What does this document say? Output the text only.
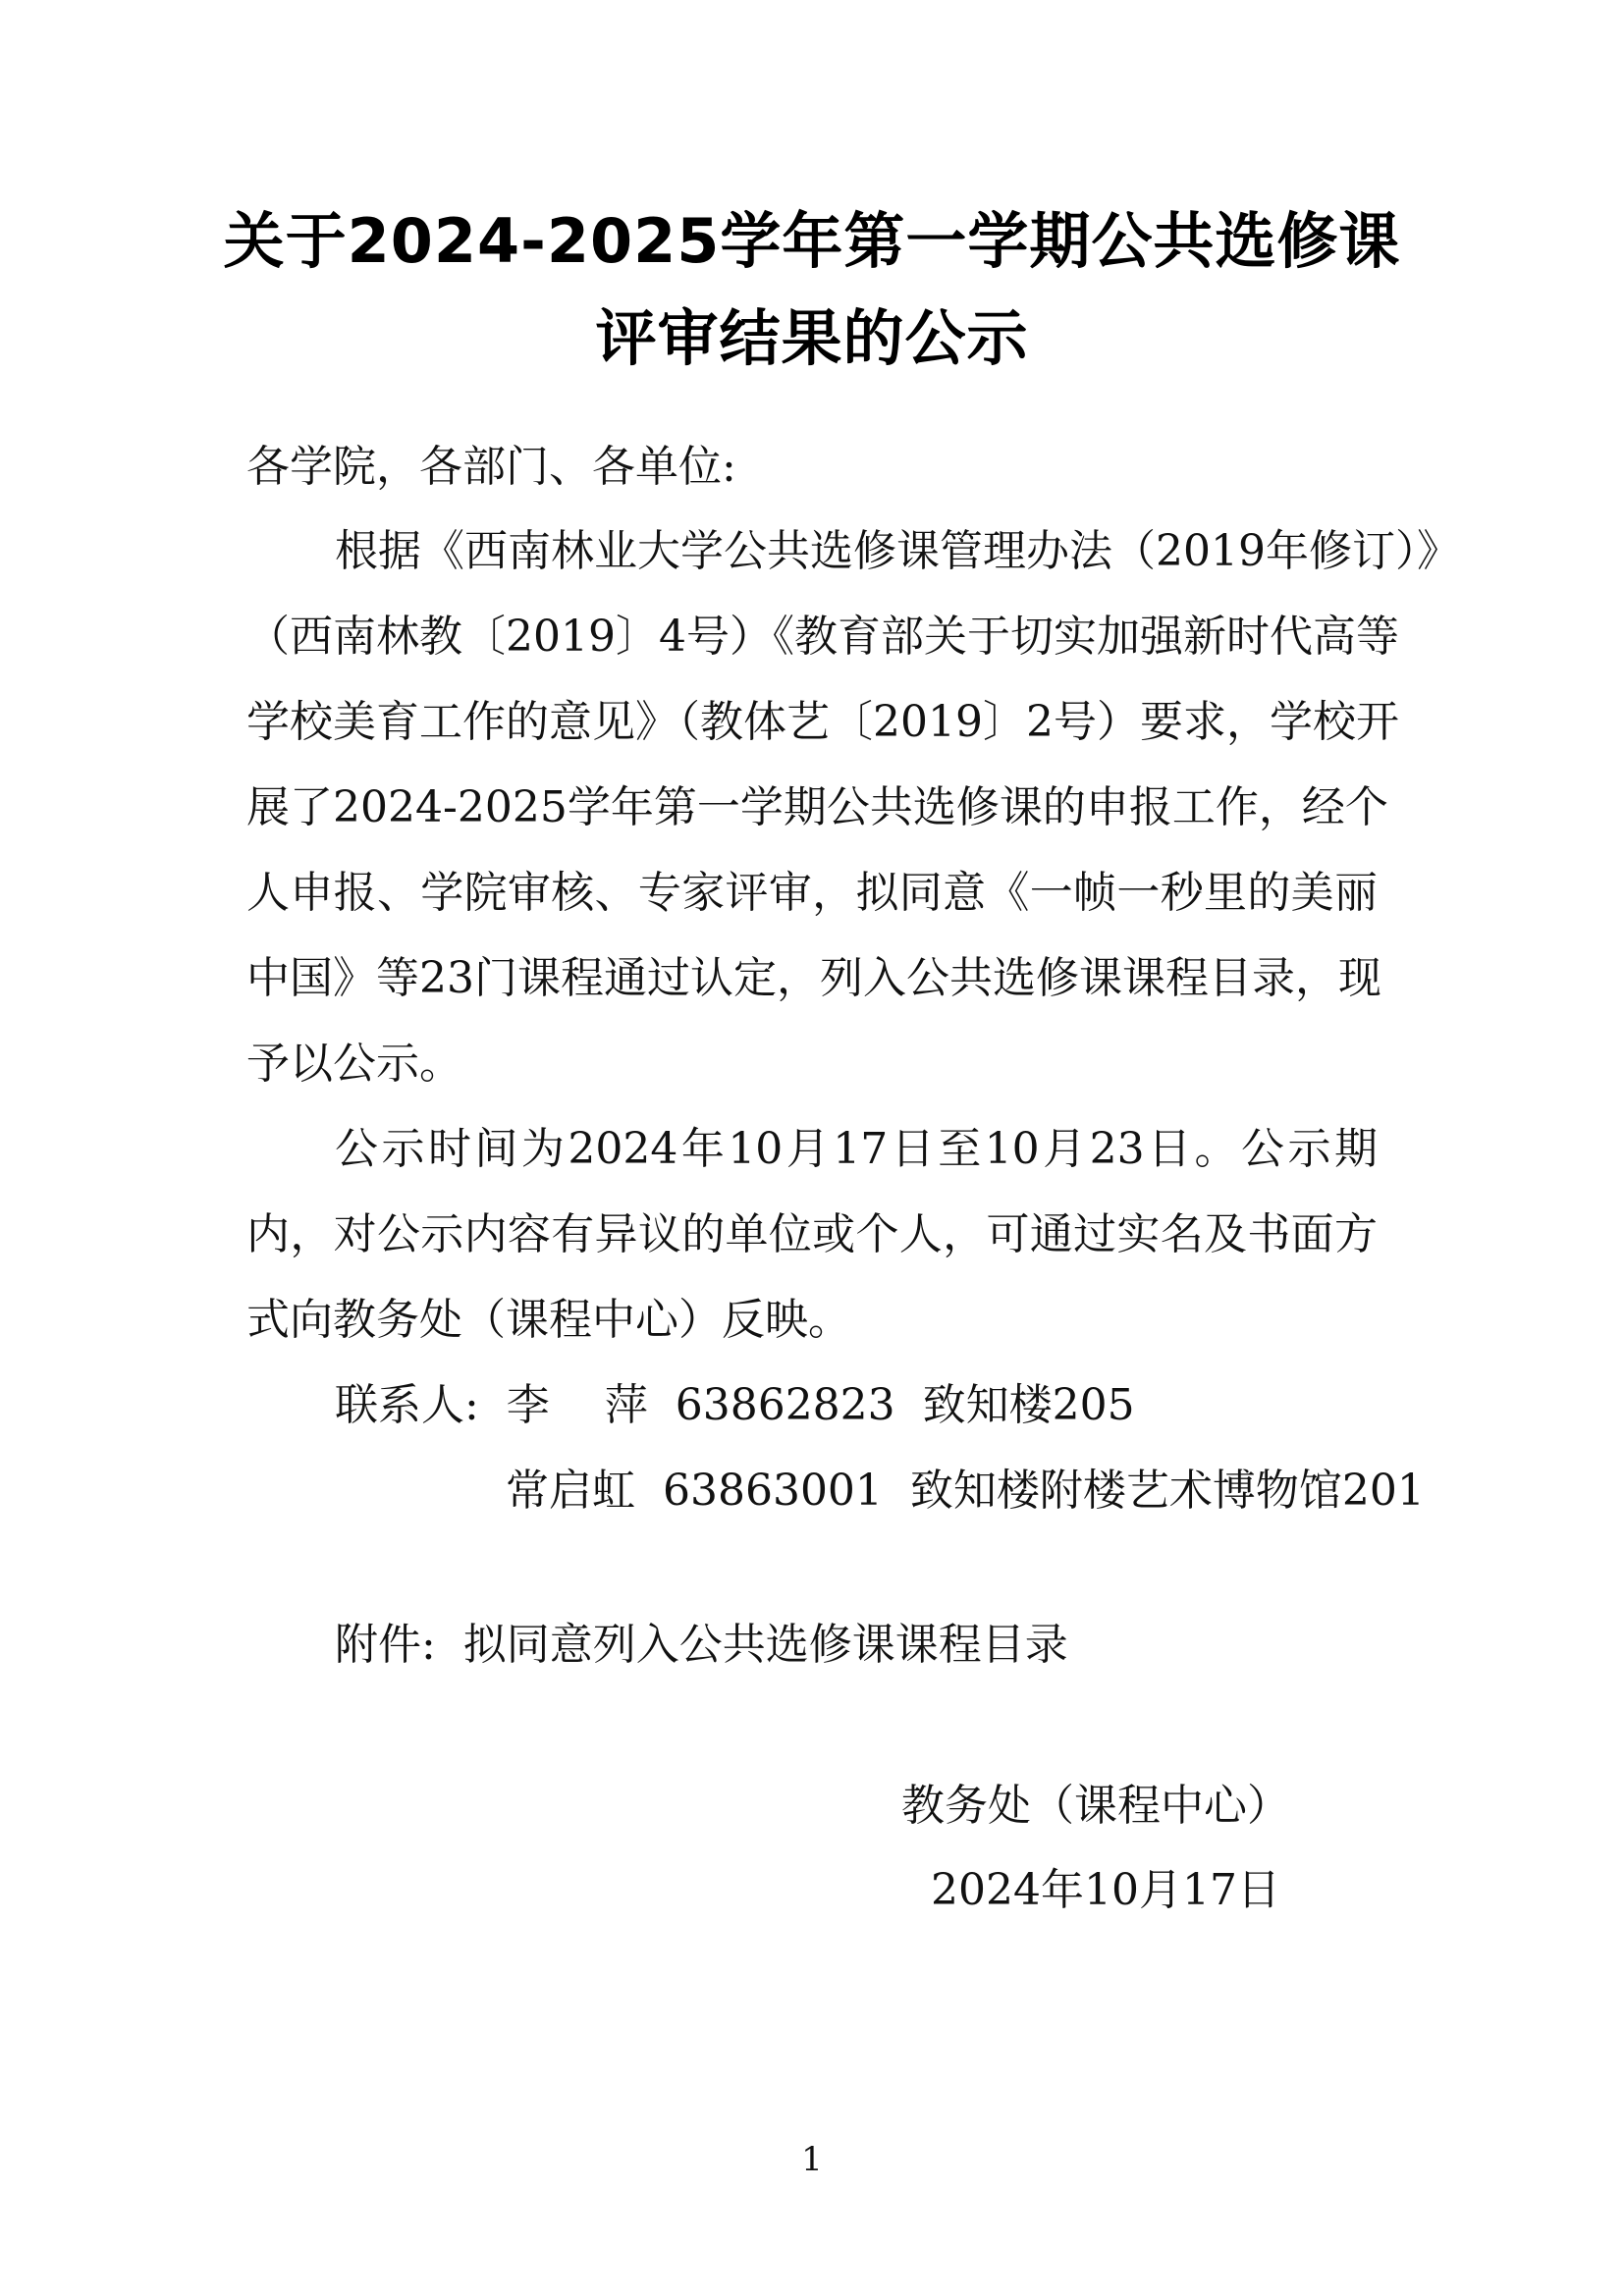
关于2024-2025学年第一学期公共选修课
评审结果的公示
各学院，各部门、各单位:
根据《西南林业大学公共选修课管理办法（2019年修订）》
（西南林教〔2019〕4号）《教育部关于切实加强新时代高等
学校美育工作的意见》（教体艺〔2019〕2号）要求，学校开
展了2024-2025学年第一学期公共选修课的申报工作，经个
人申报、学院审核、专家评审，拟同意《一帧一秒里的美丽
中国》等23门课程通过认定，列入公共选修课课程目录，现
予以公示。
公示时间为2024年10月17日至10月23日。公示期
内，对公示内容有异议的单位或个人，可通过实名及书面方
式向教务处（课程中心）反映。
联系人:  李    萍  63862823  致知楼205
常启虹  63863001  致知楼附楼艺术博物馆201
附件:  拟同意列入公共选修课课程目录
教务处（课程中心）
2024年10月17日
1
